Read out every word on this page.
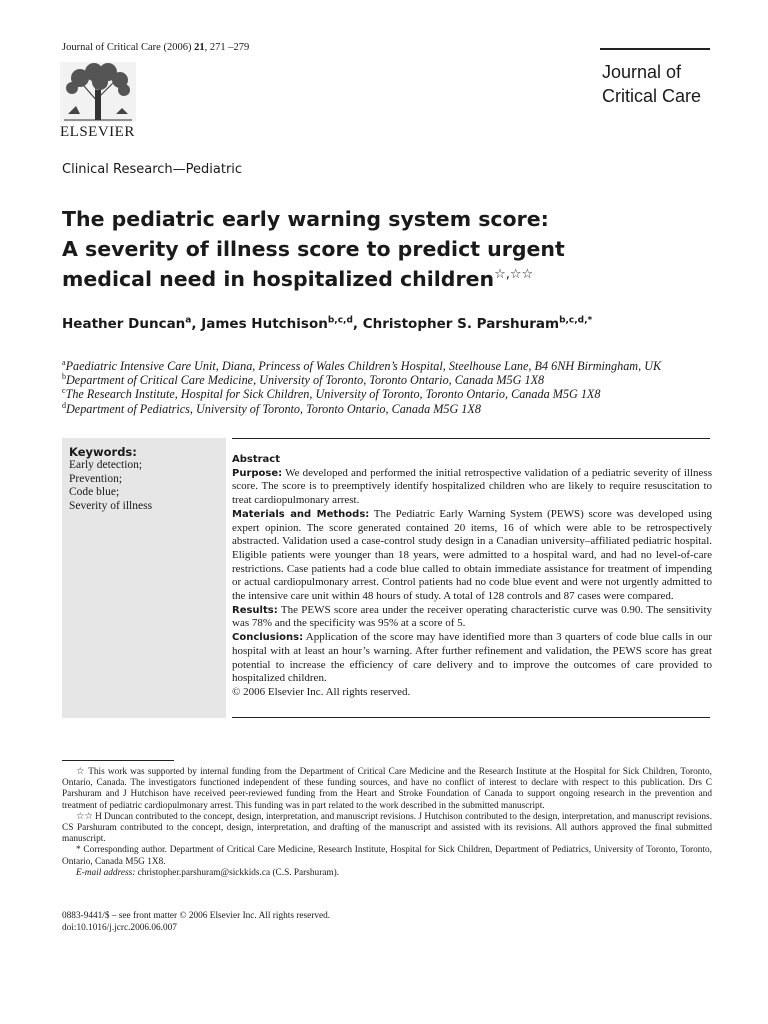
Journal of Critical Care (2006) 21, 271 –279
ELSEVIER
Journal of
Critical Care
Clinical Research—Pediatric
The pediatric early warning system score:
A severity of illness score to predict urgent
medical need in hospitalized children☆,☆☆
Heather Duncan$^a$, James Hutchison$^{b,c,d}$, Christopher S. Parshuram$^{b,c,d,*}$
$^a$Paediatric Intensive Care Unit, Diana, Princess of Wales Children’s Hospital, Steelhouse Lane, B4 6NH Birmingham, UK
$^b$Department of Critical Care Medicine, University of Toronto, Toronto Ontario, Canada M5G 1X8
$^c$The Research Institute, Hospital for Sick Children, University of Toronto, Toronto Ontario, Canada M5G 1X8
$^d$Department of Pediatrics, University of Toronto, Toronto Ontario, Canada M5G 1X8
Keywords:
Early detection;
Prevention;
Code blue;
Severity of illness

Abstract

Purpose: We developed and performed the initial retrospective validation of a pediatric severity of illness score. The score is to preemptively identify hospitalized children who are likely to require resuscitation to treat cardiopulmonary arrest.

Materials and Methods: The Pediatric Early Warning System (PEWS) score was developed using expert opinion. The score generated contained 20 items, 16 of which were able to be retrospectively abstracted. Validation used a case-control study design in a Canadian university–affiliated pediatric hospital. Eligible patients were younger than 18 years, were admitted to a hospital ward, and had no level-of-care restrictions. Case patients had a code blue called to obtain immediate assistance for treatment of impending or actual cardiopulmonary arrest. Control patients had no code blue event and were not urgently admitted to the intensive care unit within 48 hours of study. A total of 128 controls and 87 cases were compared.

Results: The PEWS score area under the receiver operating characteristic curve was 0.90. The sensitivity was 78% and the specificity was 95% at a score of 5.

Conclusions: Application of the score may have identified more than 3 quarters of code blue calls in our hospital with at least an hour’s warning. After further refinement and validation, the PEWS score has great potential to increase the efficiency of care delivery and to improve the outcomes of care provided to hospitalized children.

© 2006 Elsevier Inc. All rights reserved.

☆ This work was supported by internal funding from the Department of Critical Care Medicine and the Research Institute at the Hospital for Sick Children, Toronto, Ontario, Canada. The investigators functioned independent of these funding sources, and have no conflict of interest to declare with respect to this publication. Drs C Parshuram and J Hutchison have received peer-reviewed funding from the Heart and Stroke Foundation of Canada to support ongoing research in the prevention and treatment of pediatric cardiopulmonary arrest. This funding was in part related to the work described in the submitted manuscript.

☆☆ H Duncan contributed to the concept, design, interpretation, and manuscript revisions. J Hutchison contributed to the design, interpretation, and manuscript revisions. CS Parshuram contributed to the concept, design, interpretation, and drafting of the manuscript and assisted with its revisions. All authors approved the final submitted manuscript.

* Corresponding author. Department of Critical Care Medicine, Research Institute, Hospital for Sick Children, Department of Pediatrics, University of Toronto, Toronto, Ontario, Canada M5G 1X8.

E-mail address: christopher.parshuram@sickkids.ca (C.S. Parshuram).

0883-9441/$ – see front matter © 2006 Elsevier Inc. All rights reserved.
doi:10.1016/j.jcrc.2006.06.007
